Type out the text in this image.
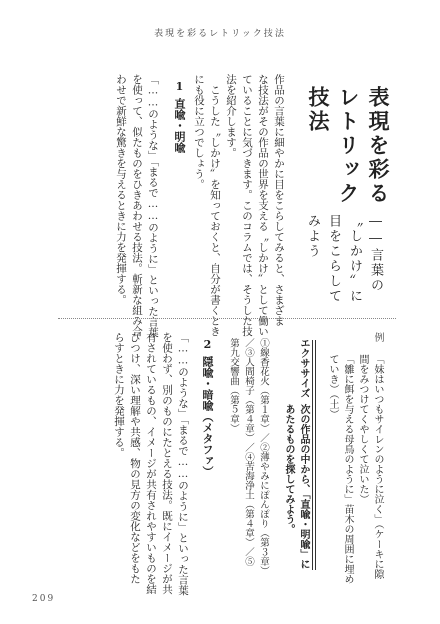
表現を彩るレトリック技法
表現を彩る
レトリック
技法
――言葉の
〝しかけ〟に
目をこらして
みよう
作品の言葉に細やかに目をこらしてみると、さまざま
な技法がその作品の世界を支える〝しかけ〟として働い
ていることに気づきます。このコラムでは、そうした技
法を紹介します。
　こうした〝しかけ〟を知っておくと、自分が書くとき
にも役に立つでしょう。
1
直喩・明喩
「……のような」「まるで……のように」といった言葉
を使って、似たものをひきあわせる技法。斬新な組み合
わせで新鮮な驚きを与えるときに力を発揮する。
例
「妹はいつもサイレンのように泣く」（ケーキに隙
間をみつけてくやしくて泣いた）
「雛に餌を与える母鳥のように」苗木の周囲に埋め
ていき）（土）
エクササイズ
次の作品の中から、「直喩・明喩」に
あたるものを探してみよう。
①線香花火（第１章）／②薄やみにぽんぽり（第３章）
／③人間椅子（第４章）／④苦海浄土（第４章）／⑤
第九交響曲（第５章）
2
隠喩・暗喩（メタファ）
「……のような」「まるで……のように」といった言葉
を使わず、別のものにたとえる技法。既にイメージが共
有されているもの、イメージが共有されやすいものを結
びつけ、深い理解や共感、物の見方の変化などをもた
らすときに力を発揮する。
209
